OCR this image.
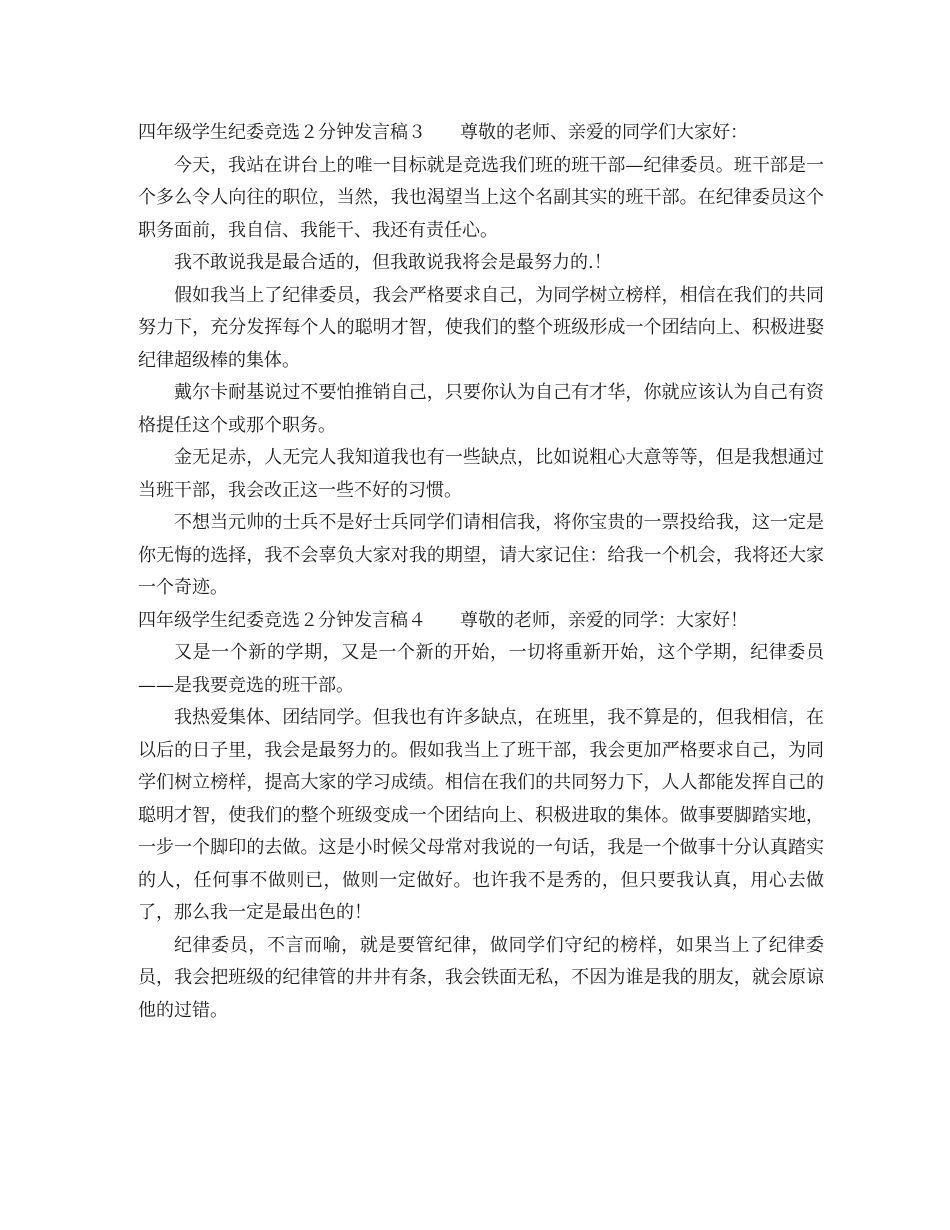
四年级学生纪委竞选２分钟发言稿３ 尊敬的老师、亲爱的同学们大家好：

今天，我站在讲台上的唯一目标就是竞选我们班的班干部—纪律委员。班干部是一个多么令人向往的职位，当然，我也渴望当上这个名副其实的班干部。在纪律委员这个职务面前，我自信、我能干、我还有责任心。

我不敢说我是最合适的，但我敢说我将会是最努力的.！

假如我当上了纪律委员，我会严格要求自己，为同学树立榜样，相信在我们的共同努力下，充分发挥每个人的聪明才智，使我们的整个班级形成一个团结向上、积极进娶纪律超级棒的集体。

戴尔卡耐基说过不要怕推销自己，只要你认为自己有才华，你就应该认为自己有资格提任这个或那个职务。

金无足赤，人无完人我知道我也有一些缺点，比如说粗心大意等等，但是我想通过当班干部，我会改正这一些不好的习惯。

不想当元帅的士兵不是好士兵同学们请相信我，将你宝贵的一票投给我，这一定是你无悔的选择，我不会辜负大家对我的期望，请大家记住：给我一个机会，我将还大家一个奇迹。

四年级学生纪委竞选２分钟发言稿４ 尊敬的老师，亲爱的同学：大家好！

又是一个新的学期，又是一个新的开始，一切将重新开始，这个学期，纪律委员——是我要竞选的班干部。

我热爱集体、团结同学。但我也有许多缺点，在班里，我不算是的，但我相信，在以后的日子里，我会是最努力的。假如我当上了班干部，我会更加严格要求自己，为同学们树立榜样，提高大家的学习成绩。相信在我们的共同努力下，人人都能发挥自己的聪明才智，使我们的整个班级变成一个团结向上、积极进取的集体。做事要脚踏实地，一步一个脚印的去做。这是小时候父母常对我说的一句话，我是一个做事十分认真踏实的人，任何事不做则已，做则一定做好。也许我不是秀的，但只要我认真，用心去做了，那么我一定是最出色的！

纪律委员，不言而喻，就是要管纪律，做同学们守纪的榜样，如果当上了纪律委员，我会把班级的纪律管的井井有条，我会铁面无私，不因为谁是我的朋友，就会原谅他的过错。
